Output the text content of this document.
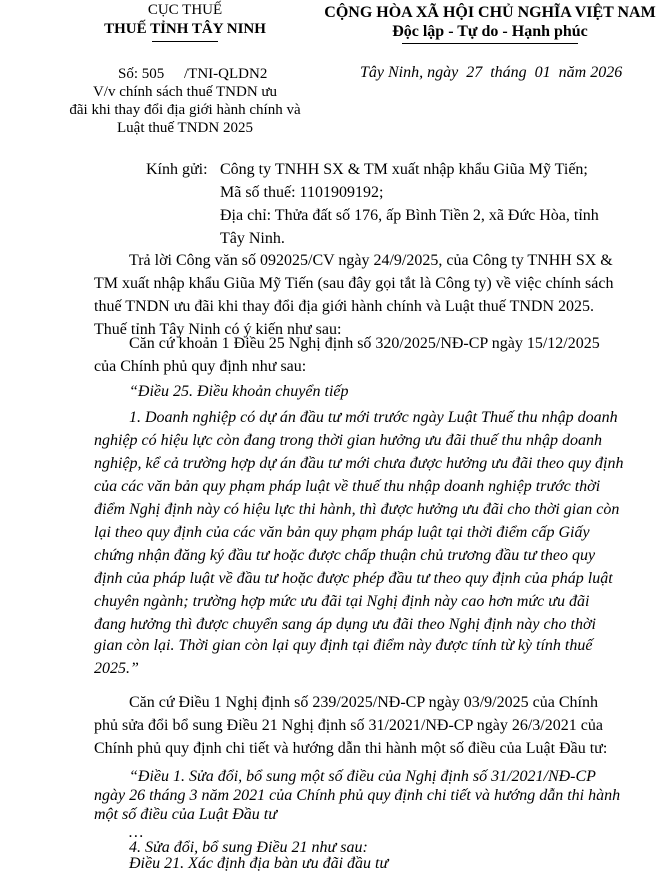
CỤC THUẾ
THUẾ TỈNH TÂY NINH
Số: 505 /TNI-QLDN2
V/v chính sách thuế TNDN ưu
đãi khi thay đổi địa giới hành chính và
Luật thuế TNDN 2025
CỘNG HÒA XÃ HỘI CHỦ NGHĨA VIỆT NAM
Độc lập - Tự do - Hạnh phúc
Tây Ninh, ngày  27  tháng  01  năm 2026
Kính gửi: Công ty TNHH SX & TM xuất nhập khẩu Giũa Mỹ Tiến;
Mã số thuế: 1101909192;
Địa chỉ: Thửa đất số 176, ấp Bình Tiền 2, xã Đức Hòa, tỉnh
Tây Ninh.
Trả lời Công văn số 092025/CV ngày 24/9/2025, của Công ty TNHH SX &
TM xuất nhập khẩu Giũa Mỹ Tiến (sau đây gọi tắt là Công ty) về việc chính sách
thuế TNDN ưu đãi khi thay đổi địa giới hành chính và Luật thuế TNDN 2025.
Thuế tỉnh Tây Ninh có ý kiến như sau:
Căn cứ khoản 1 Điều 25 Nghị định số 320/2025/NĐ-CP ngày 15/12/2025
của Chính phủ quy định như sau:
“Điều 25. Điều khoản chuyển tiếp
1. Doanh nghiệp có dự án đầu tư mới trước ngày Luật Thuế thu nhập doanh
nghiệp có hiệu lực còn đang trong thời gian hưởng ưu đãi thuế thu nhập doanh
nghiệp, kể cả trường hợp dự án đầu tư mới chưa được hưởng ưu đãi theo quy định
của các văn bản quy phạm pháp luật về thuế thu nhập doanh nghiệp trước thời
điểm Nghị định này có hiệu lực thi hành, thì được hưởng ưu đãi cho thời gian còn
lại theo quy định của các văn bản quy phạm pháp luật tại thời điểm cấp Giấy
chứng nhận đăng ký đầu tư hoặc được chấp thuận chủ trương đầu tư theo quy
định của pháp luật về đầu tư hoặc được phép đầu tư theo quy định của pháp luật
chuyên ngành; trường hợp mức ưu đãi tại Nghị định này cao hơn mức ưu đãi
đang hưởng thì được chuyển sang áp dụng ưu đãi theo Nghị định này cho thời
gian còn lại. Thời gian còn lại quy định tại điểm này được tính từ kỳ tính thuế
2025.”
Căn cứ Điều 1 Nghị định số 239/2025/NĐ-CP ngày 03/9/2025 của Chính
phủ sửa đổi bổ sung Điều 21 Nghị định số 31/2021/NĐ-CP ngày 26/3/2021 của
Chính phủ quy định chi tiết và hướng dẫn thi hành một số điều của Luật Đầu tư:
“Điều 1. Sửa đổi, bổ sung một số điều của Nghị định số 31/2021/NĐ-CP
ngày 26 tháng 3 năm 2021 của Chính phủ quy định chi tiết và hướng dẫn thi hành
một số điều của Luật Đầu tư
…
4. Sửa đổi, bổ sung Điều 21 như sau:
Điều 21. Xác định địa bàn ưu đãi đầu tư
